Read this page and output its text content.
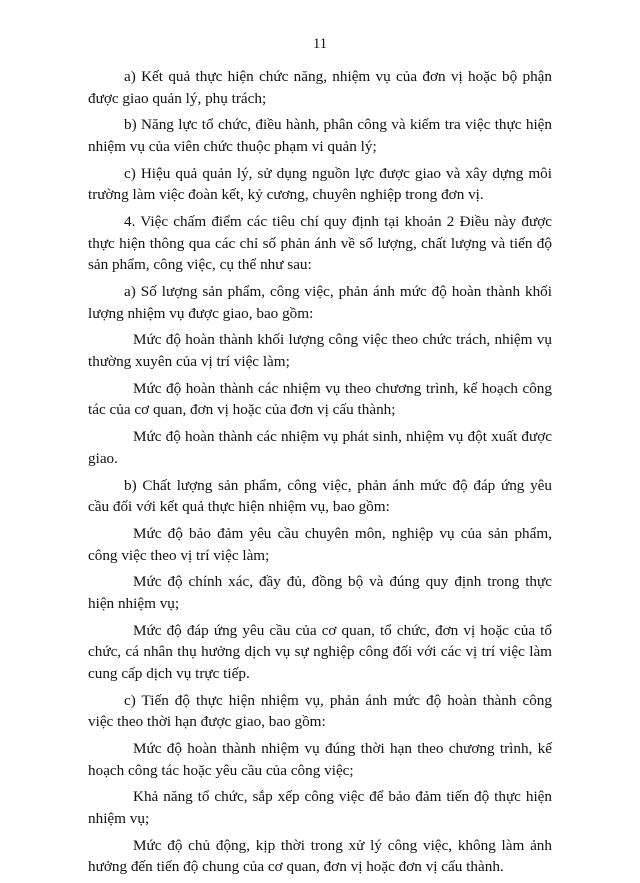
11

a) Kết quả thực hiện chức năng, nhiệm vụ của đơn vị hoặc bộ phận được giao quản lý, phụ trách;

b) Năng lực tổ chức, điều hành, phân công và kiểm tra việc thực hiện nhiệm vụ của viên chức thuộc phạm vi quản lý;

c) Hiệu quả quản lý, sử dụng nguồn lực được giao và xây dựng môi trường làm việc đoàn kết, kỷ cương, chuyên nghiệp trong đơn vị.

4. Việc chấm điểm các tiêu chí quy định tại khoản 2 Điều này được thực hiện thông qua các chỉ số phản ánh về số lượng, chất lượng và tiến độ sản phẩm, công việc, cụ thể như sau:

a) Số lượng sản phẩm, công việc, phản ánh mức độ hoàn thành khối lượng nhiệm vụ được giao, bao gồm:

Mức độ hoàn thành khối lượng công việc theo chức trách, nhiệm vụ thường xuyên của vị trí việc làm;

Mức độ hoàn thành các nhiệm vụ theo chương trình, kế hoạch công tác của cơ quan, đơn vị hoặc của đơn vị cấu thành;

Mức độ hoàn thành các nhiệm vụ phát sinh, nhiệm vụ đột xuất được giao.

b) Chất lượng sản phẩm, công việc, phản ánh mức độ đáp ứng yêu cầu đối với kết quả thực hiện nhiệm vụ, bao gồm:

Mức độ bảo đảm yêu cầu chuyên môn, nghiệp vụ của sản phẩm, công việc theo vị trí việc làm;

Mức độ chính xác, đầy đủ, đồng bộ và đúng quy định trong thực hiện nhiệm vụ;

Mức độ đáp ứng yêu cầu của cơ quan, tổ chức, đơn vị hoặc của tổ chức, cá nhân thụ hưởng dịch vụ sự nghiệp công đối với các vị trí việc làm cung cấp dịch vụ trực tiếp.

c) Tiến độ thực hiện nhiệm vụ, phản ánh mức độ hoàn thành công việc theo thời hạn được giao, bao gồm:

Mức độ hoàn thành nhiệm vụ đúng thời hạn theo chương trình, kế hoạch công tác hoặc yêu cầu của công việc;

Khả năng tổ chức, sắp xếp công việc để bảo đảm tiến độ thực hiện nhiệm vụ;

Mức độ chủ động, kịp thời trong xử lý công việc, không làm ảnh hưởng đến tiến độ chung của cơ quan, đơn vị hoặc đơn vị cấu thành.
